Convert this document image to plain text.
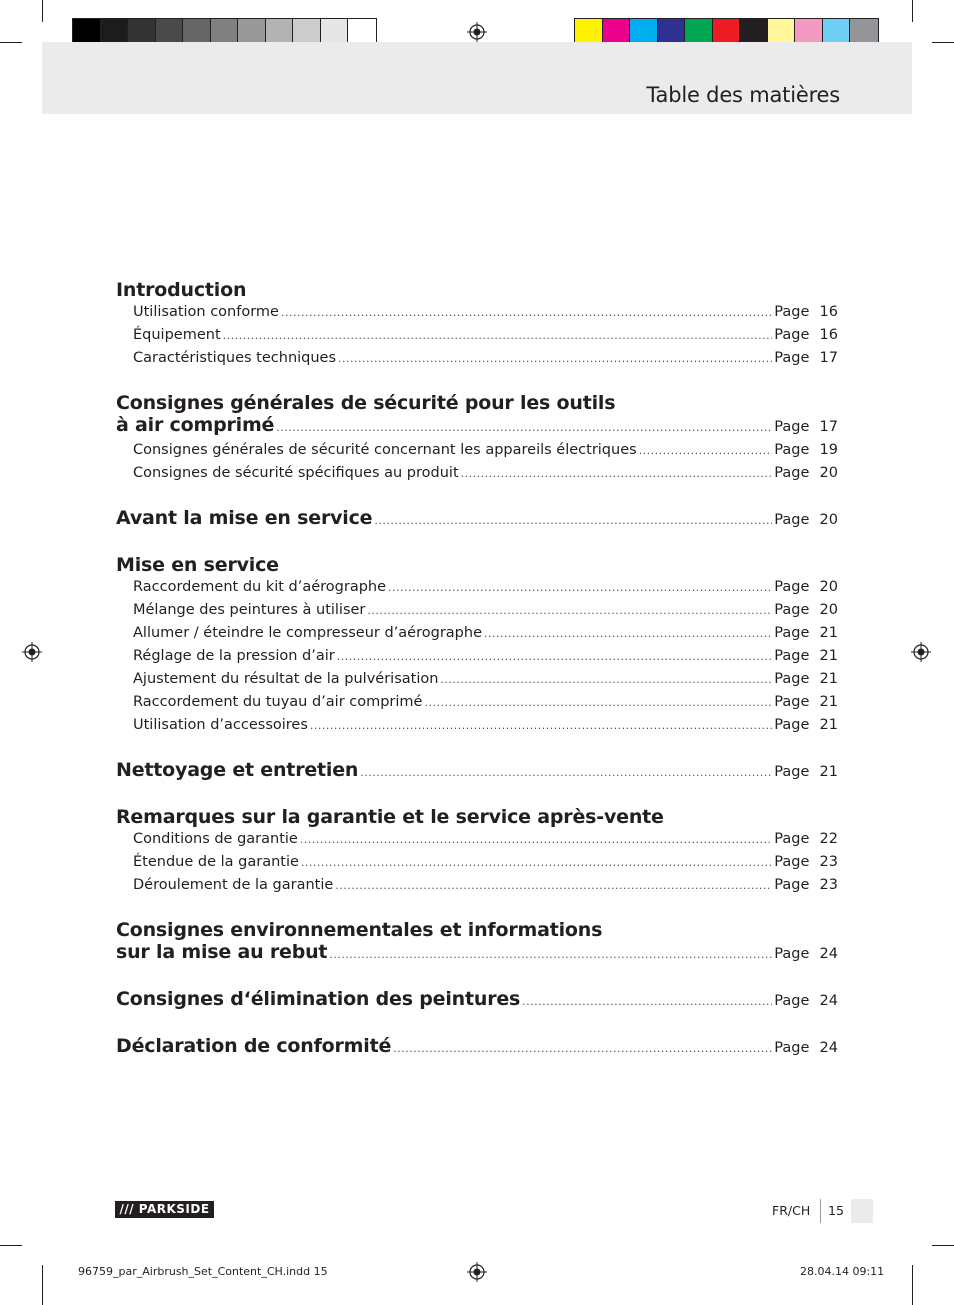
Table des matières
Introduction
Utilisation conforme .....	Page 16
Équipement .....	Page 16
Caractéristiques techniques .....	Page 17
Consignes générales de sécurité pour les outils
à air comprimé .....	Page 17
Consignes générales de sécurité concernant les appareils électriques .....	Page 19
Consignes de sécurité spécifiques au produit .....	Page 20
Avant la mise en service .....	Page 20
Mise en service
Raccordement du kit d’aérographe .....	Page 20
Mélange des peintures à utiliser .....	Page 20
Allumer / éteindre le compresseur d’aérographe .....	Page 21
Réglage de la pression d’air .....	Page 21
Ajustement du résultat de la pulvérisation .....	Page 21
Raccordement du tuyau d’air comprimé .....	Page 21
Utilisation d’accessoires .....	Page 21
Nettoyage et entretien .....	Page 21
Remarques sur la garantie et le service après-vente
Conditions de garantie .....	Page 22
Étendue de la garantie .....	Page 23
Déroulement de la garantie .....	Page 23
Consignes environnementales et informations
sur la mise au rebut .....	Page 24
Consignes d‘élimination des peintures .....	Page 24
Déclaration de conformité .....	Page 24
/// PARKSIDE	FR/CH 15
96759_par_Airbrush_Set_Content_CH.indd 15	28.04.14 09:11
